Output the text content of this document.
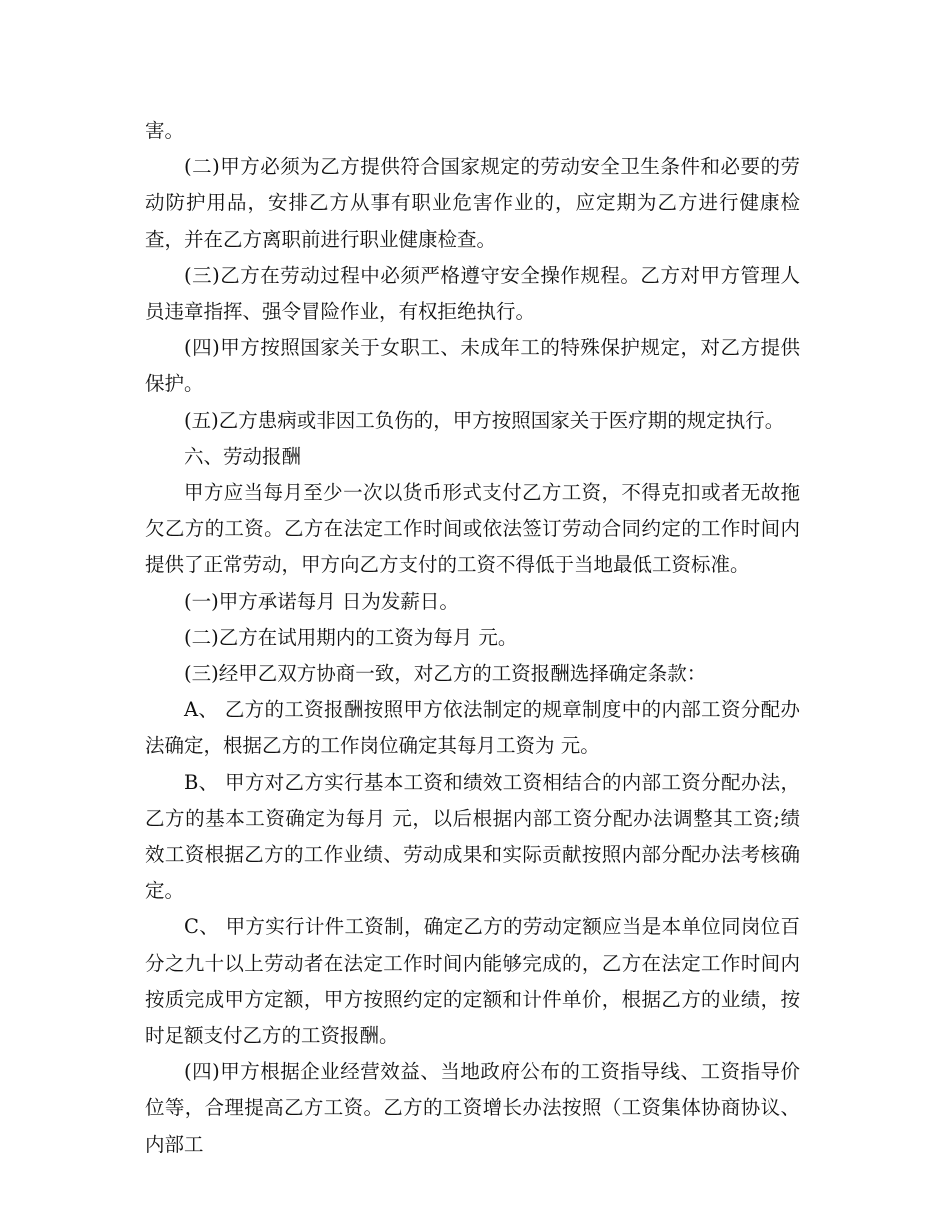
害。

(二)甲方必须为乙方提供符合国家规定的劳动安全卫生条件和必要的劳动防护用品，安排乙方从事有职业危害作业的，应定期为乙方进行健康检查，并在乙方离职前进行职业健康检查。

(三)乙方在劳动过程中必须严格遵守安全操作规程。乙方对甲方管理人员违章指挥、强令冒险作业，有权拒绝执行。

(四)甲方按照国家关于女职工、未成年工的特殊保护规定，对乙方提供保护。

(五)乙方患病或非因工负伤的，甲方按照国家关于医疗期的规定执行。

六、劳动报酬

甲方应当每月至少一次以货币形式支付乙方工资，不得克扣或者无故拖欠乙方的工资。乙方在法定工作时间或依法签订劳动合同约定的工作时间内提供了正常劳动，甲方向乙方支付的工资不得低于当地最低工资标准。

(一)甲方承诺每月 日为发薪日。

(二)乙方在试用期内的工资为每月 元。

(三)经甲乙双方协商一致，对乙方的工资报酬选择确定条款：

A、 乙方的工资报酬按照甲方依法制定的规章制度中的内部工资分配办法确定，根据乙方的工作岗位确定其每月工资为 元。

B、 甲方对乙方实行基本工资和绩效工资相结合的内部工资分配办法，乙方的基本工资确定为每月 元，以后根据内部工资分配办法调整其工资;绩效工资根据乙方的工作业绩、劳动成果和实际贡献按照内部分配办法考核确定。

C、 甲方实行计件工资制，确定乙方的劳动定额应当是本单位同岗位百分之九十以上劳动者在法定工作时间内能够完成的，乙方在法定工作时间内按质完成甲方定额，甲方按照约定的定额和计件单价，根据乙方的业绩，按时足额支付乙方的工资报酬。

(四)甲方根据企业经营效益、当地政府公布的工资指导线、工资指导价位等，合理提高乙方工资。乙方的工资增长办法按照（工资集体协商协议、内部工
